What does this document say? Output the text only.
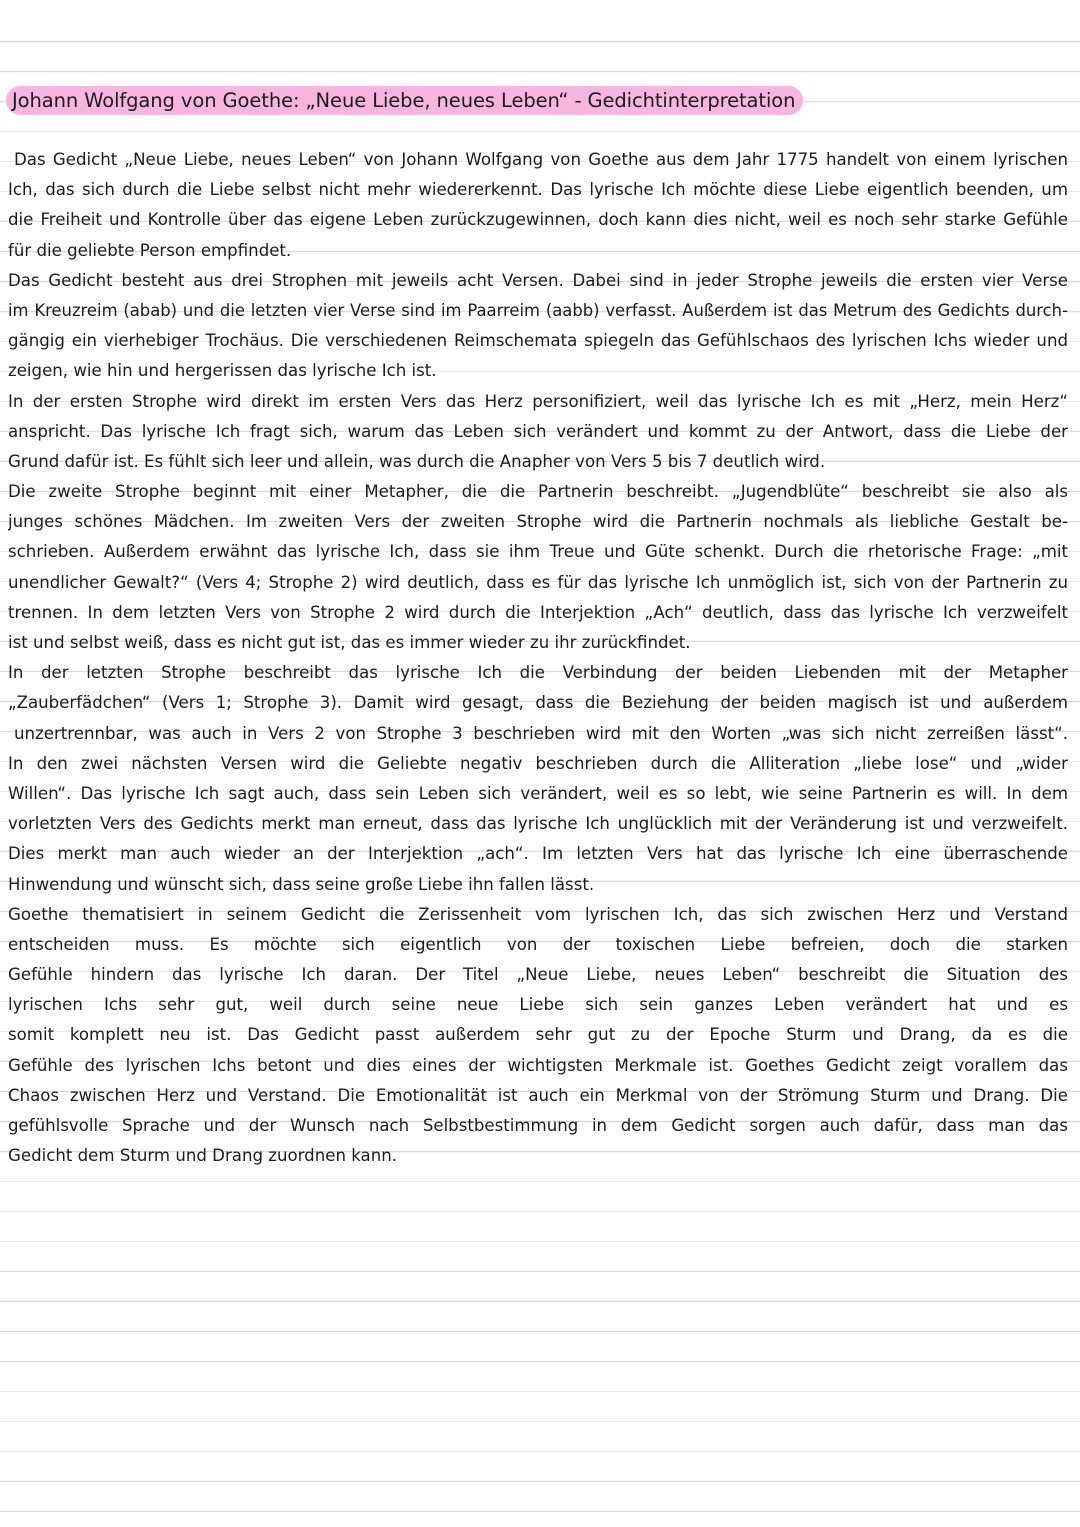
Johann Wolfgang von Goethe: „Neue Liebe, neues Leben“ - Gedichtinterpretation
Das Gedicht „Neue Liebe, neues Leben“ von Johann Wolfgang von Goethe aus dem Jahr 1775 handelt von einem lyrischen
Ich, das sich durch die Liebe selbst nicht mehr wiedererkennt. Das lyrische Ich möchte diese Liebe eigentlich beenden, um
die Freiheit und Kontrolle über das eigene Leben zurückzugewinnen, doch kann dies nicht, weil es noch sehr starke Gefühle
für die geliebte Person empfindet.
Das Gedicht besteht aus drei Strophen mit jeweils acht Versen. Dabei sind in jeder Strophe jeweils die ersten vier Verse
im Kreuzreim (abab) und die letzten vier Verse sind im Paarreim (aabb) verfasst. Außerdem ist das Metrum des Gedichts durch-
gängig ein vierhebiger Trochäus. Die verschiedenen Reimschemata spiegeln das Gefühlschaos des lyrischen Ichs wieder und
zeigen, wie hin und hergerissen das lyrische Ich ist.
In der ersten Strophe wird direkt im ersten Vers das Herz personifiziert, weil das lyrische Ich es mit „Herz, mein Herz“
anspricht. Das lyrische Ich fragt sich, warum das Leben sich verändert und kommt zu der Antwort, dass die Liebe der
Grund dafür ist. Es fühlt sich leer und allein, was durch die Anapher von Vers 5 bis 7 deutlich wird.
Die zweite Strophe beginnt mit einer Metapher, die die Partnerin beschreibt. „Jugendblüte“ beschreibt sie also als
junges schönes Mädchen. Im zweiten Vers der zweiten Strophe wird die Partnerin nochmals als liebliche Gestalt be-
schrieben. Außerdem erwähnt das lyrische Ich, dass sie ihm Treue und Güte schenkt. Durch die rhetorische Frage: „mit
unendlicher Gewalt?“ (Vers 4; Strophe 2) wird deutlich, dass es für das lyrische Ich unmöglich ist, sich von der Partnerin zu
trennen. In dem letzten Vers von Strophe 2 wird durch die Interjektion „Ach“ deutlich, dass das lyrische Ich verzweifelt
ist und selbst weiß, dass es nicht gut ist, das es immer wieder zu ihr zurückfindet.
In der letzten Strophe beschreibt das lyrische Ich die Verbindung der beiden Liebenden mit der Metapher
„Zauberfädchen“ (Vers 1; Strophe 3). Damit wird gesagt, dass die Beziehung der beiden magisch ist und außerdem
unzertrennbar, was auch in Vers 2 von Strophe 3 beschrieben wird mit den Worten „was sich nicht zerreißen lässt“.
In den zwei nächsten Versen wird die Geliebte negativ beschrieben durch die Alliteration „liebe lose“ und „wider
Willen“. Das lyrische Ich sagt auch, dass sein Leben sich verändert, weil es so lebt, wie seine Partnerin es will. In dem
vorletzten Vers des Gedichts merkt man erneut, dass das lyrische Ich unglücklich mit der Veränderung ist und verzweifelt.
Dies merkt man auch wieder an der Interjektion „ach“. Im letzten Vers hat das lyrische Ich eine überraschende
Hinwendung und wünscht sich, dass seine große Liebe ihn fallen lässt.
Goethe thematisiert in seinem Gedicht die Zerissenheit vom lyrischen Ich, das sich zwischen Herz und Verstand
entscheiden muss. Es möchte sich eigentlich von der toxischen Liebe befreien, doch die starken
Gefühle hindern das lyrische Ich daran. Der Titel „Neue Liebe, neues Leben“ beschreibt die Situation des
lyrischen Ichs sehr gut, weil durch seine neue Liebe sich sein ganzes Leben verändert hat und es
somit komplett neu ist. Das Gedicht passt außerdem sehr gut zu der Epoche Sturm und Drang, da es die
Gefühle des lyrischen Ichs betont und dies eines der wichtigsten Merkmale ist. Goethes Gedicht zeigt vorallem das
Chaos zwischen Herz und Verstand. Die Emotionalität ist auch ein Merkmal von der Strömung Sturm und Drang. Die
gefühlsvolle Sprache und der Wunsch nach Selbstbestimmung in dem Gedicht sorgen auch dafür, dass man das
Gedicht dem Sturm und Drang zuordnen kann.
